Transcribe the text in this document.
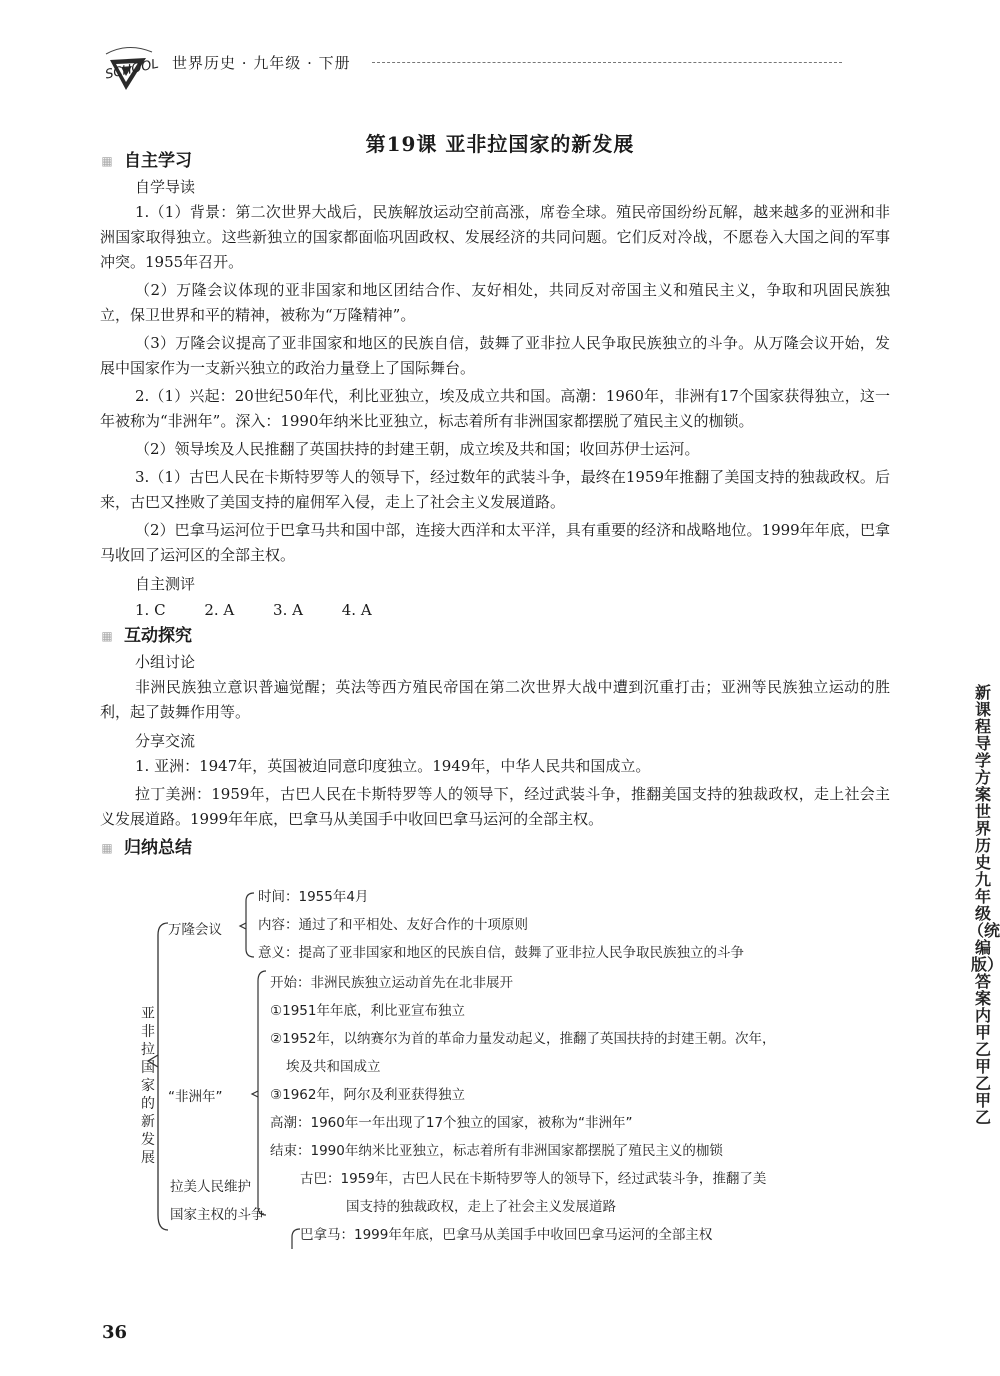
SCHOOL 世界历史 · 九年级 · 下册
第19课 亚非拉国家的新发展
▦ 自主学习
自学导读

1.（1）背景：第二次世界大战后，民族解放运动空前高涨，席卷全球。殖民帝国纷纷瓦解，越来越多的亚洲和非洲国家取得独立。这些新独立的国家都面临巩固政权、发展经济的共同问题。它们反对冷战，不愿卷入大国之间的军事冲突。1955年召开。

（2）万隆会议体现的亚非国家和地区团结合作、友好相处，共同反对帝国主义和殖民主义，争取和巩固民族独立，保卫世界和平的精神，被称为“万隆精神”。

（3）万隆会议提高了亚非国家和地区的民族自信，鼓舞了亚非拉人民争取民族独立的斗争。从万隆会议开始，发展中国家作为一支新兴独立的政治力量登上了国际舞台。

2.（1）兴起：20世纪50年代，利比亚独立，埃及成立共和国。高潮：1960年，非洲有17个国家获得独立，这一年被称为“非洲年”。深入：1990年纳米比亚独立，标志着所有非洲国家都摆脱了殖民主义的枷锁。

（2）领导埃及人民推翻了英国扶持的封建王朝，成立埃及共和国；收回苏伊士运河。

3.（1）古巴人民在卡斯特罗等人的领导下，经过数年的武装斗争，最终在1959年推翻了美国支持的独裁政权。后来，古巴又挫败了美国支持的雇佣军入侵，走上了社会主义发展道路。

（2）巴拿马运河位于巴拿马共和国中部，连接大西洋和太平洋，具有重要的经济和战略地位。1999年年底，巴拿马收回了运河区的全部主权。

自主测评
1. C	2. A	3. A	4. A
▦ 互动探究
小组讨论

非洲民族独立意识普遍觉醒；英法等西方殖民帝国在第二次世界大战中遭到沉重打击；亚洲等民族独立运动的胜利，起了鼓舞作用等。

分享交流

1. 亚洲：1947年，英国被迫同意印度独立。1949年，中华人民共和国成立。

拉丁美洲：1959年，古巴人民在卡斯特罗等人的领导下，经过武装斗争，推翻美国支持的独裁政权，走上社会主义发展道路。1999年年底，巴拿马从美国手中收回巴拿马运河的全部主权。

▦ 归纳总结
亚非拉国家的新发展
万隆会议
时间：1955年4月
内容：通过了和平相处、友好合作的十项原则
意义：提高了亚非国家和地区的民族自信，鼓舞了亚非拉人民争取民族独立的斗争
“非洲年”
开始：非洲民族独立运动首先在北非展开
①1951年年底，利比亚宣布独立
②1952年，以纳赛尔为首的革命力量发动起义，推翻了英国扶持的封建王朝。次年，
埃及共和国成立
③1962年，阿尔及利亚获得独立
高潮：1960年一年出现了17个独立的国家，被称为“非洲年”
结束：1990年纳米比亚独立，标志着所有非洲国家都摆脱了殖民主义的枷锁
拉美人民维护
国家主权的斗争
古巴：1959年，古巴人民在卡斯特罗等人的领导下，经过武装斗争，推翻了美
国支持的独裁政权，走上了社会主义发展道路
巴拿马：1999年年底，巴拿马从美国手中收回巴拿马运河的全部主权
36
新课程导学方案世界历史九年级（统编版）答案内甲乙甲乙甲乙
